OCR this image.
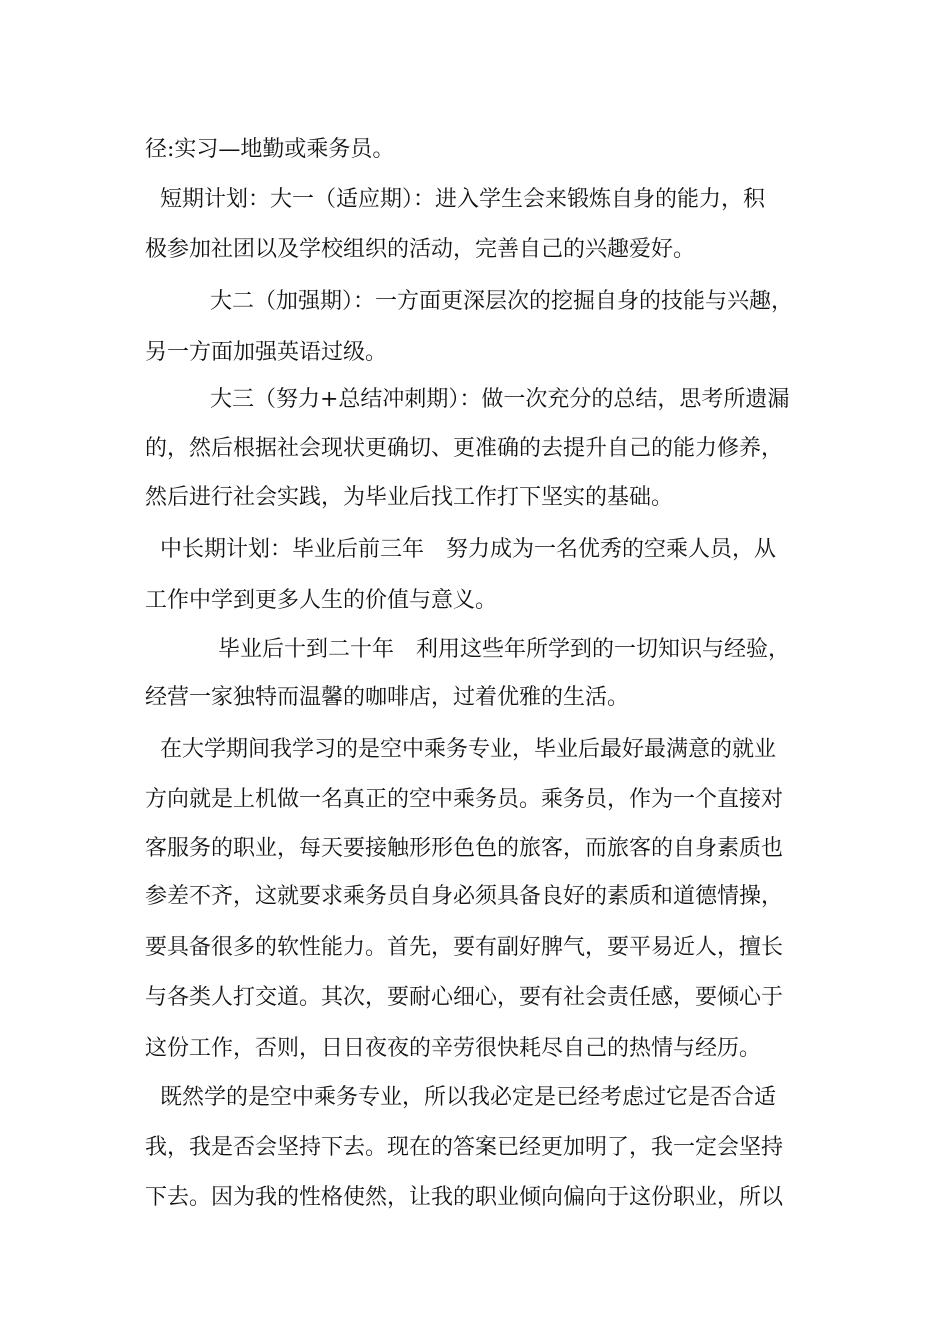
径:实习—地勤或乘务员。
短期计划：大一（适应期）：进入学生会来锻炼自身的能力，积
极参加社团以及学校组织的活动，完善自己的兴趣爱好。
大二（加强期）：一方面更深层次的挖掘自身的技能与兴趣，
另一方面加强英语过级。
大三（努力+总结冲刺期）：做一次充分的总结，思考所遗漏
的，然后根据社会现状更确切、更准确的去提升自己的能力修养，
然后进行社会实践，为毕业后找工作打下坚实的基础。
中长期计划：毕业后前三年　努力成为一名优秀的空乘人员，从
工作中学到更多人生的价值与意义。
毕业后十到二十年　利用这些年所学到的一切知识与经验，
经营一家独特而温馨的咖啡店，过着优雅的生活。
在大学期间我学习的是空中乘务专业，毕业后最好最满意的就业
方向就是上机做一名真正的空中乘务员。乘务员，作为一个直接对
客服务的职业，每天要接触形形色色的旅客，而旅客的自身素质也
参差不齐，这就要求乘务员自身必须具备良好的素质和道德情操，
要具备很多的软性能力。首先，要有副好脾气，要平易近人，擅长
与各类人打交道。其次，要耐心细心，要有社会责任感，要倾心于
这份工作，否则，日日夜夜的辛劳很快耗尽自己的热情与经历。
既然学的是空中乘务专业，所以我必定是已经考虑过它是否合适
我，我是否会坚持下去。现在的答案已经更加明了，我一定会坚持
下去。因为我的性格使然，让我的职业倾向偏向于这份职业，所以
